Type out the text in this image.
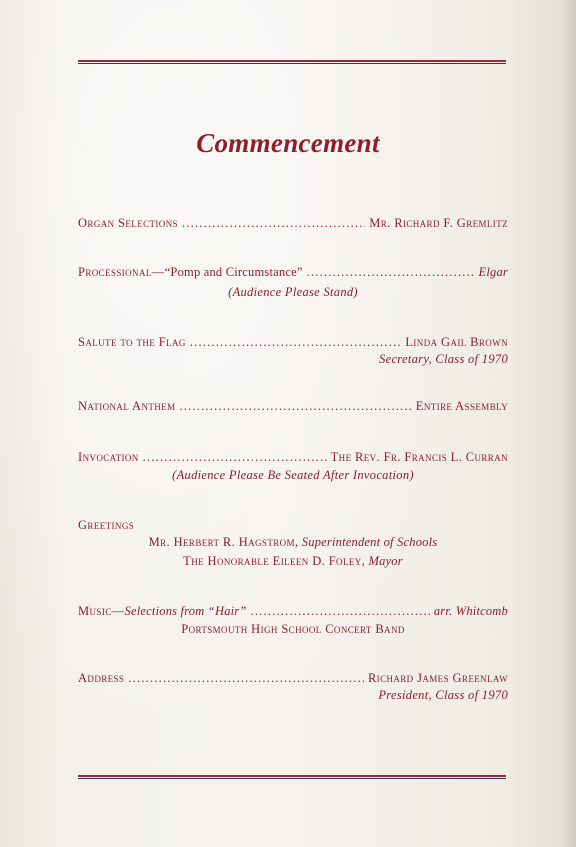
Commencement
Organ Selections .....	Mr. Richard F. Gremlitz
Processional— “Pomp and Circumstance” .....	Elgar
(Audience Please Stand)
Salute to the Flag .....	Linda Gail Brown
Secretary, Class of 1970
National Anthem .....	Entire Assembly
Invocation .....	The Rev. Fr. Francis L. Curran
(Audience Please Be Seated After Invocation)
Greetings
Mr. Herbert R. Hagstrom, Superintendent of Schools
The Honorable Eileen D. Foley, Mayor
Music— Selections from “Hair” .....	arr. Whitcomb
Portsmouth High School Concert Band
Address .....	Richard James Greenlaw
President, Class of 1970
